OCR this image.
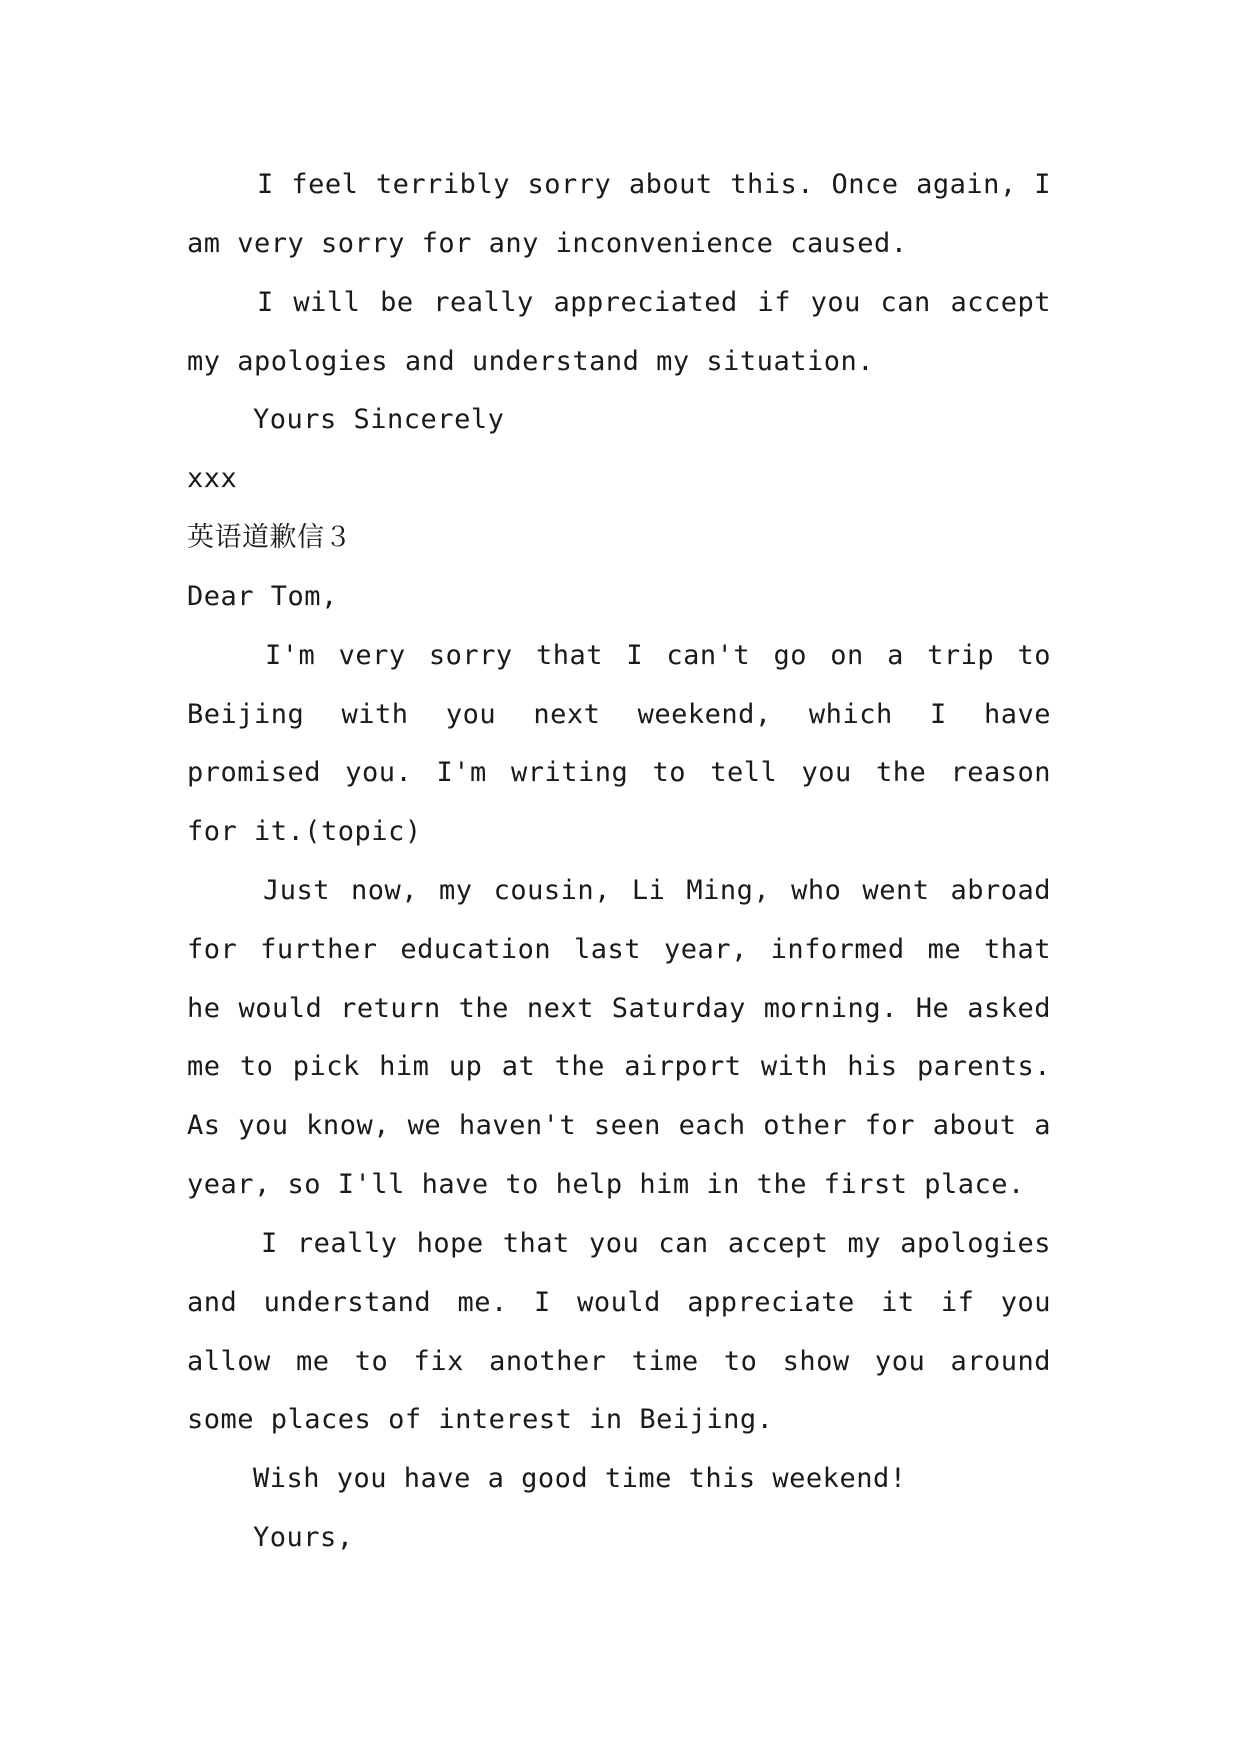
I feel terribly sorry about this. Once again, I
am very sorry for any inconvenience caused.
I will be really appreciated if you can accept
my apologies and understand my situation.
Yours Sincerely
xxx
英语道歉信３
Dear Tom,
I'm very sorry that I can't go on a trip to
Beijing with you next weekend, which I have
promised you. I'm writing to tell you the reason
for it.(topic)
Just now, my cousin, Li Ming, who went abroad
for further education last year, informed me that
he would return the next Saturday morning. He asked
me to pick him up at the airport with his parents.
As you know, we haven't seen each other for about a
year, so I'll have to help him in the first place.
I really hope that you can accept my apologies
and understand me. I would appreciate it if you
allow me to fix another time to show you around
some places of interest in Beijing.
Wish you have a good time this weekend!
Yours,
